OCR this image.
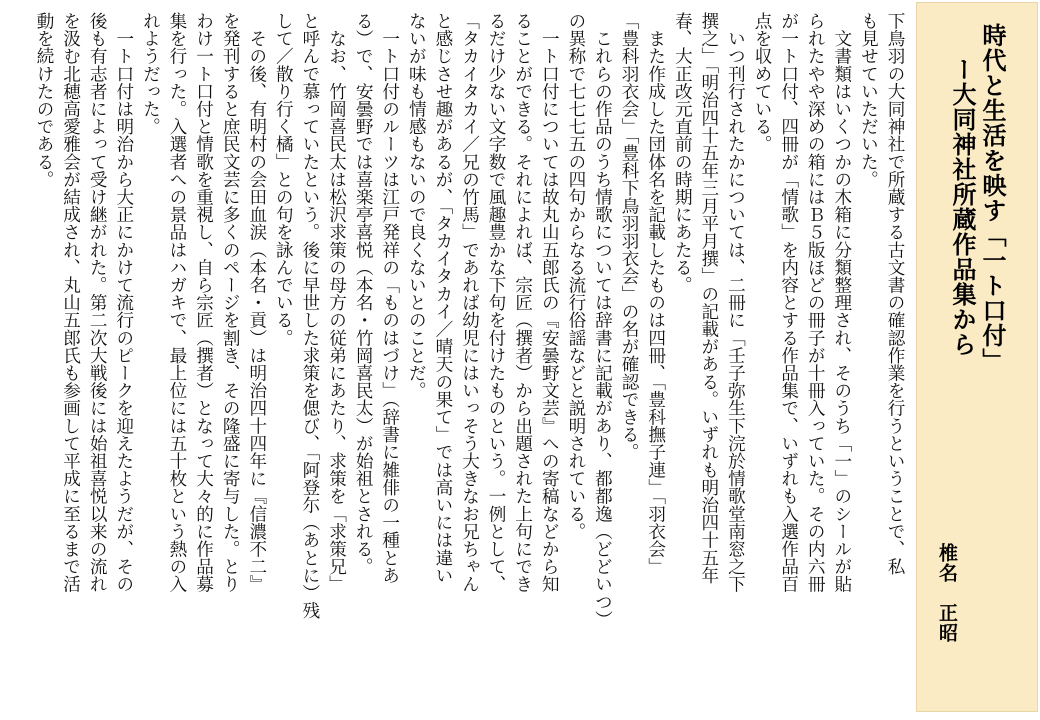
時代と生活を映す「一ト口付」
ー大同神社所蔵作品集から
椎名　正昭
下鳥羽の大同神社で所蔵する古文書の確認作業を行うということで、私
も見せていただいた。
　文書類はいくつかの木箱に分類整理され、そのうち「一」のシールが貼
られたやや深めの箱にはＢ５版ほどの冊子が十冊入っていた。その内六冊
が一ト口付、四冊が「情歌」を内容とする作品集で、いずれも入選作品百
点を収めている。
　いつ刊行されたかについては、二冊に「壬子弥生下浣於情歌堂南窓之下
撰之」「明治四十五年三月平月撰」の記載がある。いずれも明治四十五年
春、大正改元直前の時期にあたる。
　また作成した団体名を記載したものは四冊、「豊科撫子連」「羽衣会」
「豊科羽衣会」「豊科下鳥羽羽衣会」の名が確認できる。
　これらの作品のうち情歌については辞書に記載があり、都都逸（どどいつ）
の異称で七七七五の四句からなる流行俗謡などと説明されている。
　一ト口付については故丸山五郎氏の『安曇野文芸』への寄稿などから知
ることができる。それによれば、宗匠（撰者）から出題された上句にでき
るだけ少ない文字数で風趣豊かな下句を付けたものという。一例として、
「タカイタカイ／兄の竹馬」であれば幼児にはいっそう大きなお兄ちゃん
と感じさせ趣があるが、「タカイタカイ／晴天の果て」では高いには違い
ないが味も情感もないので良くないとのことだ。
　一ト口付のルーツは江戸発祥の「ものはづけ」（辞書に雑俳の一種とあ
る）で、安曇野では喜楽亭喜悦（本名・竹岡喜民太）が始祖とされる。
　なお、竹岡喜民太は松沢求策の母方の従弟にあたり、求策を「求策兄」
と呼んで慕っていたという。後に早世した求策を偲び、「阿登尓（あとに）残
して／散り行く橘」との句を詠んでいる。
　その後、有明村の会田血涙（本名・貢）は明治四十四年に『信濃不二』
を発刊すると庶民文芸に多くのページを割き、その隆盛に寄与した。とり
わけ一ト口付と情歌を重視し、自ら宗匠（撰者）となって大々的に作品募
集を行った。入選者への景品はハガキで、最上位には五十枚という熱の入
れようだった。
　一ト口付は明治から大正にかけて流行のピークを迎えたようだが、その
後も有志者によって受け継がれた。第二次大戦後には始祖喜悦以来の流れ
を汲む北穂高愛雅会が結成され、丸山五郎氏も参画して平成に至るまで活
動を続けたのである。
